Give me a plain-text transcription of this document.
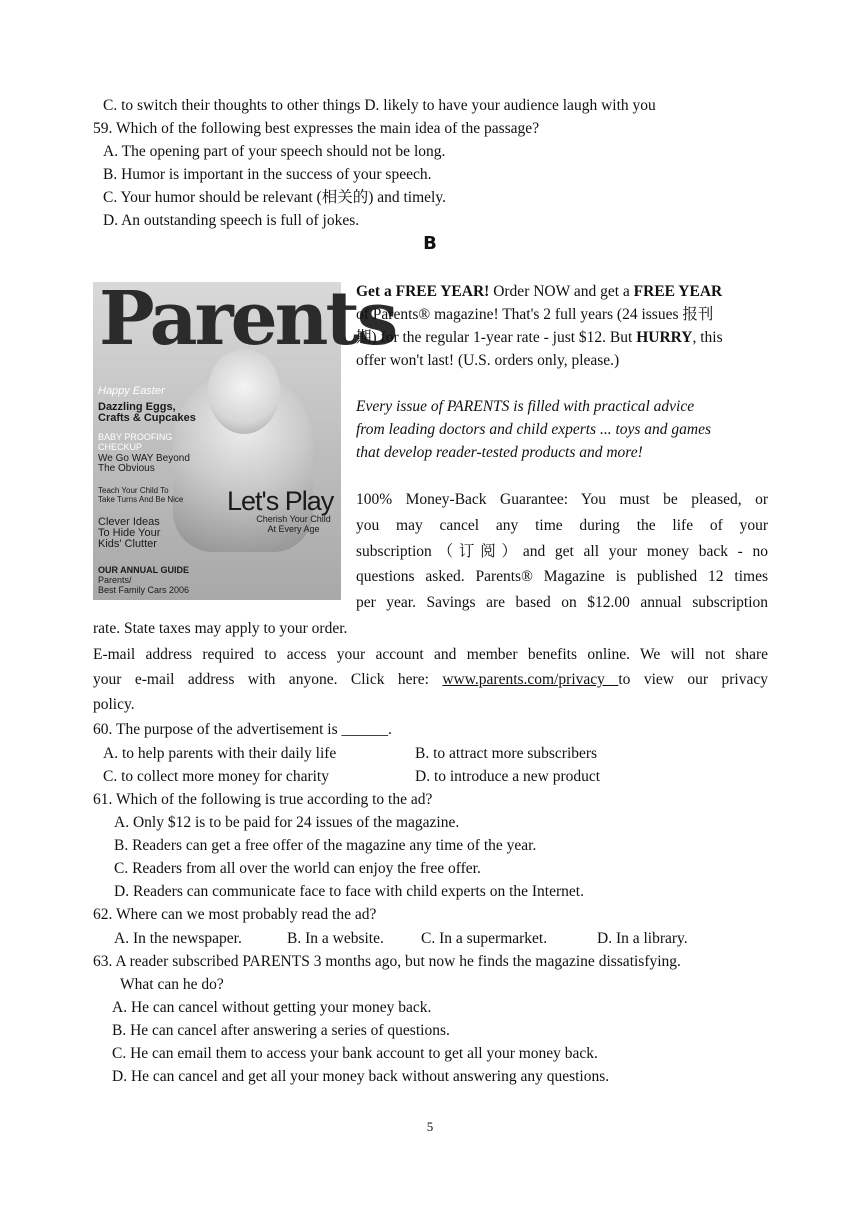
C. to switch their thoughts to other things D. likely to have your audience laugh with you
59. Which of the following best expresses the main idea of the passage?
A. The opening part of your speech should not be long.
B. Humor is important in the success of your speech.
C. Your humor should be relevant (相关的) and timely.
D. An outstanding speech is full of jokes.
B
Parents
Happy Easter
Dazzling Eggs,
Crafts & Cupcakes
BABY PROOFING
CHECKUP
We Go WAY Beyond
The Obvious
Teach Your Child To
Take Turns And Be Nice
Clever Ideas
To Hide Your
Kids' Clutter
OUR ANNUAL GUIDE
Parents/
Best Family Cars 2006
Let's Play
Cherish Your Child
At Every Age
Get a FREE YEAR! Order NOW and get a FREE YEAR
of Parents® magazine! That's 2 full years (24 issues 报刊
期) for the regular 1-year rate - just $12. But HURRY, this
offer won't last! (U.S. orders only, please.)
Every issue of PARENTS is filled with practical advice
from leading doctors and child experts ... toys and games
that develop reader-tested products and more!
100% Money-Back Guarantee: You must be pleased, or
you may cancel any time during the life of your
subscription（订阅）and get all your money back - no
questions asked. Parents® Magazine is published 12 times
per year. Savings are based on $12.00 annual subscription
rate. State taxes may apply to your order.
E-mail address required to access your account and member benefits online. We will not share
your e-mail address with anyone. Click here: www.parents.com/privacy to view our privacy
policy.
60. The purpose of the advertisement is ______.
A. to help parents with their daily life	B. to attract more subscribers
C. to collect more money for charity	D. to introduce a new product
61. Which of the following is true according to the ad?
A. Only $12 is to be paid for 24 issues of the magazine.
B. Readers can get a free offer of the magazine any time of the year.
C. Readers from all over the world can enjoy the free offer.
D. Readers can communicate face to face with child experts on the Internet.
62. Where can we most probably read the ad?
A. In the newspaper.	B. In a website. C. In a supermarket.	D. In a library.
63. A reader subscribed PARENTS 3 months ago, but now he finds the magazine dissatisfying.
What can he do?
A. He can cancel without getting your money back.
B. He can cancel after answering a series of questions.
C. He can email them to access your bank account to get all your money back.
D. He can cancel and get all your money back without answering any questions.
5
